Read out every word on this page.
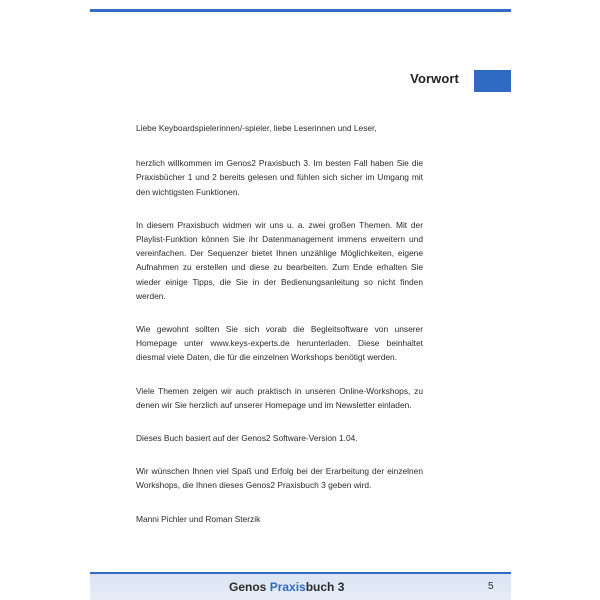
Vorwort

Liebe Keyboardspielerinnen/-spieler, liebe Leserinnen und Leser,

herzlich willkommen im Genos2 Praxisbuch 3. Im besten Fall haben Sie die Praxisbücher 1 und 2 bereits gelesen und fühlen sich sicher im Umgang mit den wichtigsten Funktionen.

In diesem Praxisbuch widmen wir uns u. a. zwei großen Themen. Mit der Playlist-Funktion können Sie ihr Datenmanagement immens erweitern und vereinfachen. Der Sequenzer bietet Ihnen unzählige Möglichkeiten, eigene Aufnahmen zu erstellen und diese zu bearbeiten. Zum Ende erhalten Sie wieder einige Tipps, die Sie in der Bedienungsanleitung so nicht finden werden.

Wie gewohnt sollten Sie sich vorab die Begleitsoftware von unserer Homepage unter www.keys-experts.de herunterladen. Diese beinhaltet diesmal viele Daten, die für die einzelnen Workshops benötigt werden.

Viele Themen zeigen wir auch praktisch in unseren Online-Workshops, zu denen wir Sie herzlich auf unserer Homepage und im Newsletter einladen.

Dieses Buch basiert auf der Genos2 Software-Version 1.04.

Wir wünschen Ihnen viel Spaß und Erfolg bei der Erarbeitung der einzelnen Workshops, die Ihnen dieses Genos2 Praxisbuch 3 geben wird.

Manni Pichler und Roman Sterzik

Genos Praxisbuch 3	5
